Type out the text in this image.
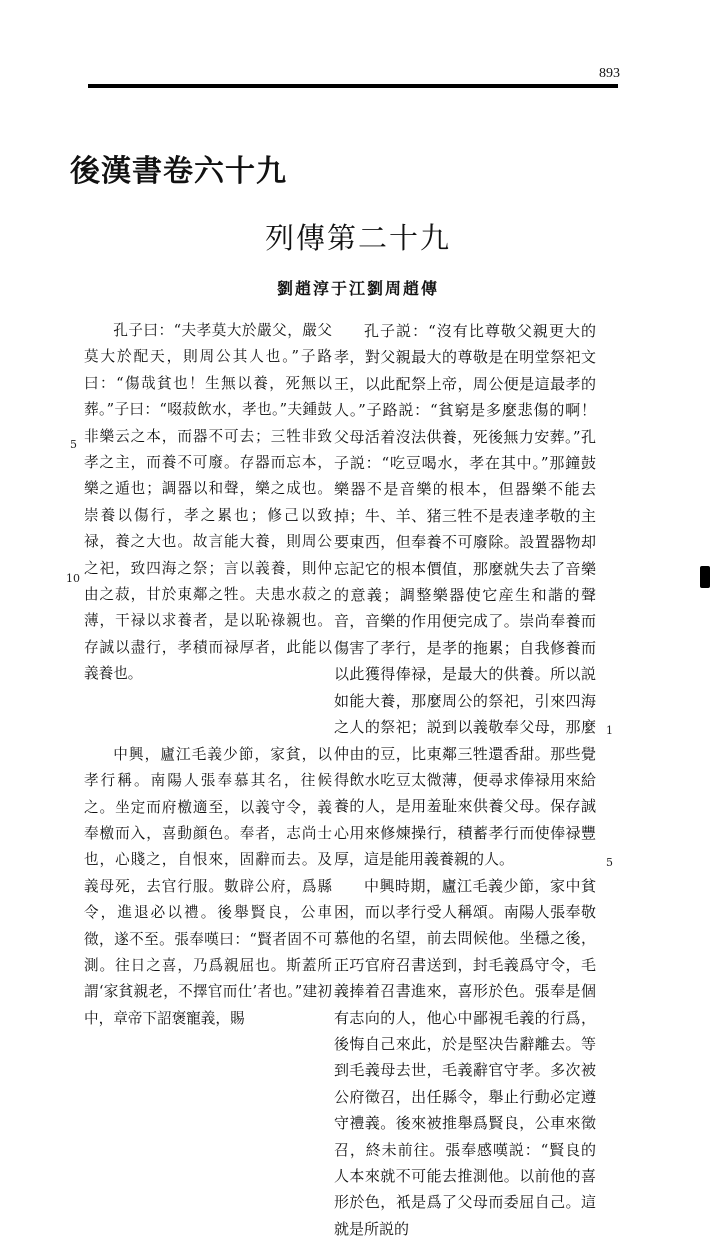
893
後漢書卷六十九
列傳第二十九
劉趙淳于江劉周趙傳

孔子曰：“夫孝莫大於嚴父，嚴父莫大於配天，則周公其人也。”子路曰：“傷哉貧也！生無以養，死無以葬。”子曰：“啜菽飲水，孝也。”夫鍾鼓非樂云之本，而器不可去；三牲非致孝之主，而養不可廢。存器而忘本，樂之遁也；調器以和聲，樂之成也。崇養以傷行，孝之累也；修己以致禄，養之大也。故言能大養，則周公之祀，致四海之祭；言以義養，則仲由之菽，甘於東鄰之牲。夫患水菽之薄，干禄以求養者，是以恥祿親也。存誠以盡行，孝積而禄厚者，此能以義養也。

中興，廬江毛義少節，家貧，以孝行稱。南陽人張奉慕其名，往候之。坐定而府檄適至，以義守令，義奉檄而入，喜動顔色。奉者，志尚士也，心賤之，自恨來，固辭而去。及義母死，去官行服。數辟公府，爲縣令，進退必以禮。後舉賢良，公車徵，遂不至。張奉嘆曰：“賢者固不可測。往日之喜，乃爲親屈也。斯蓋所謂‘家貧親老，不擇官而仕’者也。”建初中，章帝下詔褒寵義，賜

孔子説：“沒有比尊敬父親更大的孝，對父親最大的尊敬是在明堂祭祀文王，以此配祭上帝，周公便是這最孝的人。”子路説：“貧窮是多麼悲傷的啊！父母活着沒法供養，死後無力安葬。”孔子説：“吃豆喝水，孝在其中。”那鐘鼓樂器不是音樂的根本，但器樂不能去掉；牛、羊、猪三牲不是表達孝敬的主要東西，但奉養不可廢除。設置器物却忘記它的根本價值，那麼就失去了音樂的意義；調整樂器使它産生和諧的聲音，音樂的作用便完成了。崇尚奉養而傷害了孝行，是孝的拖累；自我修養而以此獲得俸禄，是最大的供養。所以説如能大養，那麼周公的祭祀，引來四海之人的祭祀；説到以義敬奉父母，那麼仲由的豆，比東鄰三牲還香甜。那些覺得飲水吃豆太微薄，便尋求俸禄用來給養的人，是用羞耻來供養父母。保存誠心用來修煉操行，積蓄孝行而使俸禄豐厚，這是能用義養親的人。

中興時期，廬江毛義少節，家中貧困，而以孝行受人稱頌。南陽人張奉敬慕他的名望，前去問候他。坐穩之後，正巧官府召書送到，封毛義爲守令，毛義捧着召書進來，喜形於色。張奉是個有志向的人，他心中鄙視毛義的行爲，後悔自己來此，於是堅决告辭離去。等到毛義母去世，毛義辭官守孝。多次被公府徵召，出任縣令，舉止行動必定遵守禮義。後來被推舉爲賢良，公車來徵召，終未前往。張奉感嘆説：“賢良的人本來就不可能去推測他。以前他的喜形於色，衹是爲了父母而委屈自己。這就是所説的

5
10
1
5
